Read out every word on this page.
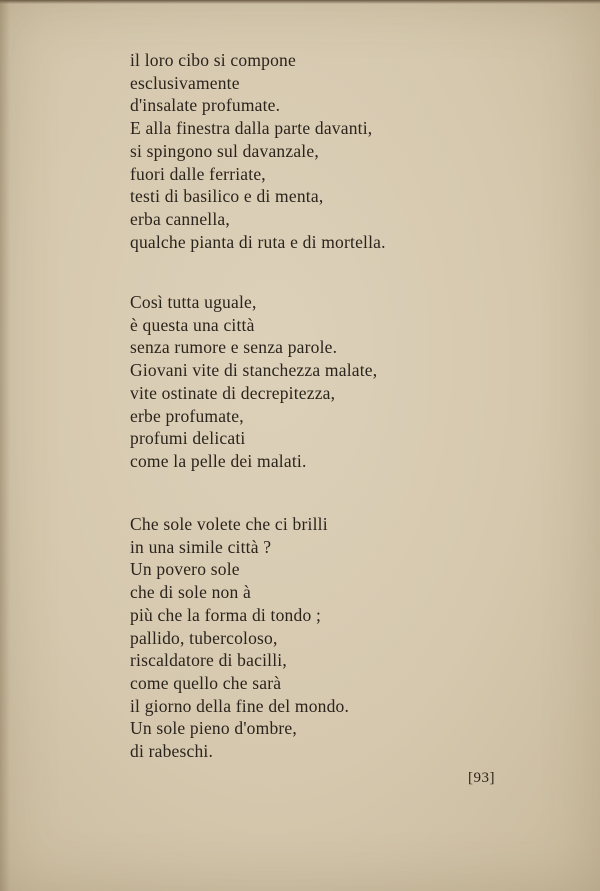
il loro cibo si compone
esclusivamente
d'insalate profumate.
E alla finestra dalla parte davanti,
si spingono sul davanzale,
fuori dalle ferriate,
testi di basilico e di menta,
erba cannella,
qualche pianta di ruta e di mortella.
Così tutta uguale,
è questa una città
senza rumore e senza parole.
Giovani vite di stanchezza malate,
vite ostinate di decrepitezza,
erbe profumate,
profumi delicati
come la pelle dei malati.
Che sole volete che ci brilli
in una simile città ?
Un povero sole
che di sole non à
più che la forma di tondo ;
pallido, tubercoloso,
riscaldatore di bacilli,
come quello che sarà
il giorno della fine del mondo.
Un sole pieno d'ombre,
di rabeschi.
[93]
